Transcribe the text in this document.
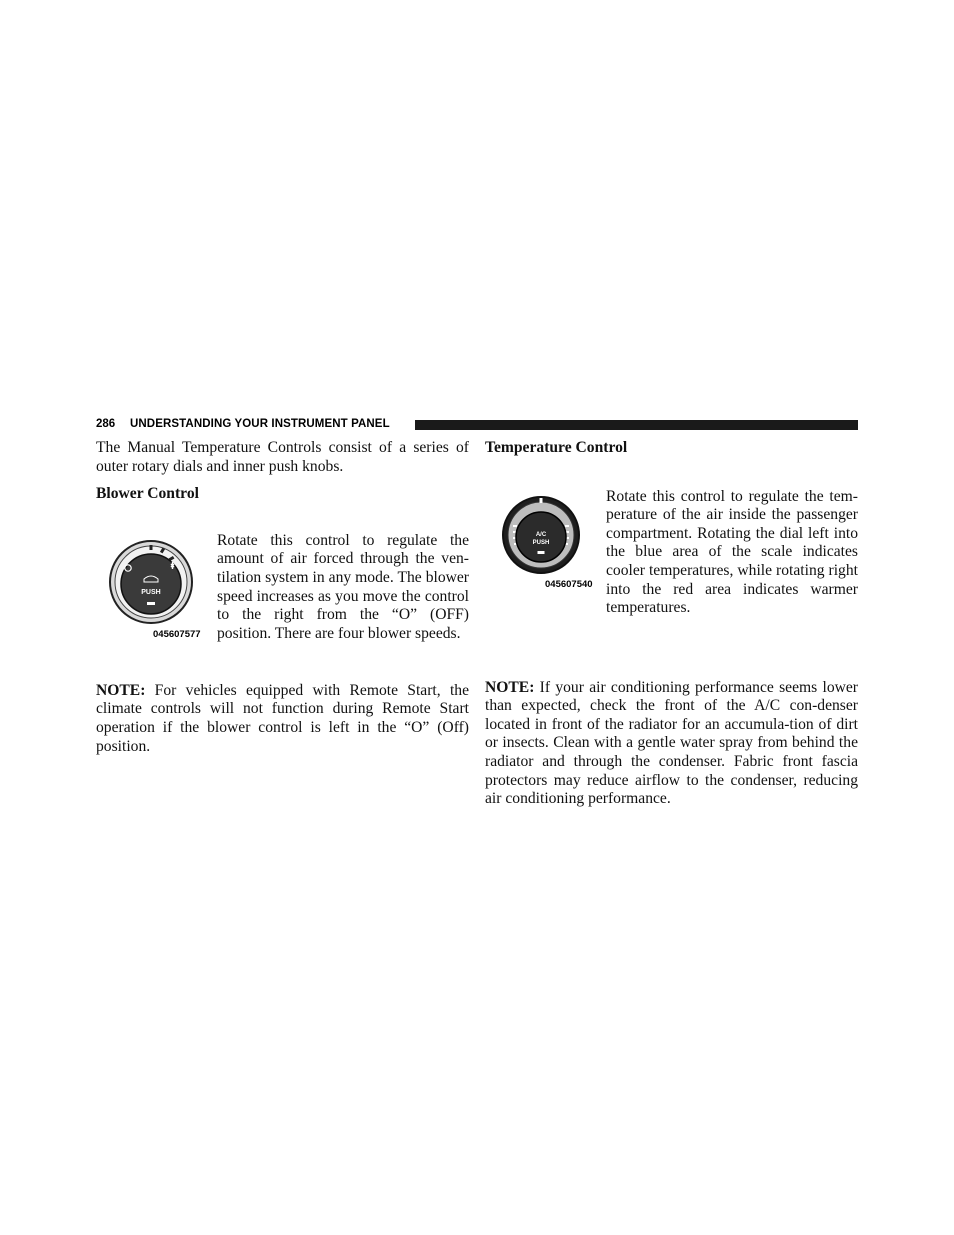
286 UNDERSTANDING YOUR INSTRUMENT PANEL

The Manual Temperature Controls consist of a series of outer rotary dials and inner push knobs.

Blower Control

PUSH
045607577

Rotate this control to regulate the amount of air forced through the ven-tilation system in any mode. The blower speed increases as you move the control to the right from the “O” (OFF) position. There are four blower speeds.

NOTE: For vehicles equipped with Remote Start, the climate controls will not function during Remote Start operation if the blower control is left in the “O” (Off) position.

Temperature Control

A/C
PUSH
045607540

Rotate this control to regulate the tem-perature of the air inside the passenger compartment. Rotating the dial left into the blue area of the scale indicates cooler temperatures, while rotating right into the red area indicates warmer temperatures.

NOTE: If your air conditioning performance seems lower than expected, check the front of the A/C con-denser located in front of the radiator for an accumula-tion of dirt or insects. Clean with a gentle water spray from behind the radiator and through the condenser. Fabric front fascia protectors may reduce airflow to the condenser, reducing air conditioning performance.
